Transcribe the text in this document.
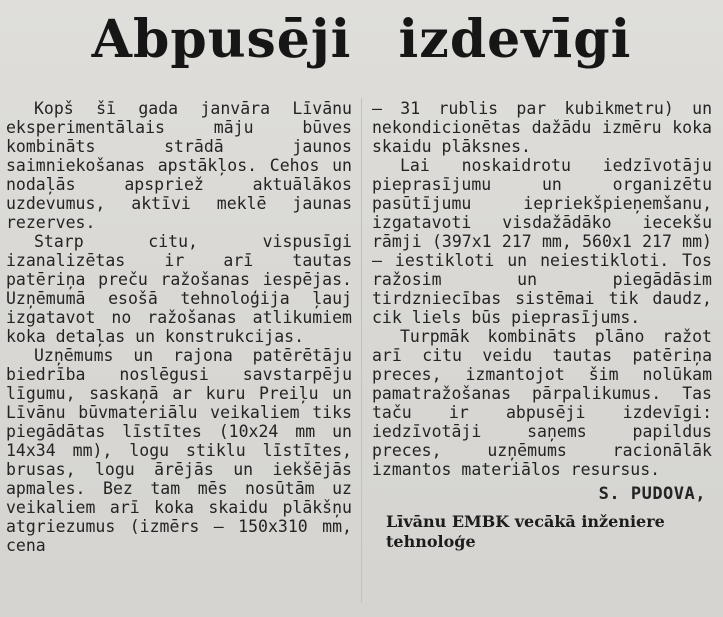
Abpusēji izdevīgi

Kopš šī gada janvāra Līvānu eksperimentālais māju būves kombināts strādā jaunos saimniekošanas apstākļos. Cehos un nodaļās apspriež aktuālākos uzdevumus, aktīvi meklē jaunas rezerves.

Starp citu, vispusīgi izanalizētas ir arī tautas patēriņa preču ražošanas iespējas. Uzņēmumā esošā tehnoloģija ļauj izgatavot no ražošanas atlikumiem koka detaļas un konstrukcijas.

Uzņēmums un rajona patērētāju biedrība noslēgusi savstarpēju līgumu, saskaņā ar kuru Preiļu un Līvānu būvmateriālu veikaliem tiks piegādātas līstītes (10x24 mm un 14x34 mm), logu stiklu līstītes, brusas, logu ārējās un iekšējās apmales. Bez tam mēs nosūtām uz veikaliem arī koka skaidu plākšņu atgriezumus (izmērs — 150x310 mm, cena

— 31 rublis par kubikmetru) un nekondicionētas dažādu izmēru koka skaidu plāksnes.

Lai noskaidrotu iedzīvotāju pieprasījumu un organizētu pasūtījumu iepriekšpieņemšanu, izgatavoti visdažādāko iecekšu rāmji (397x1 217 mm, 560x1 217 mm) — iestikloti un neiestikloti. Tos ražosim un piegādāsim tirdzniecības sistēmai tik daudz, cik liels būs pieprasījums.

Turpmāk kombināts plāno ražot arī citu veidu tautas patēriņa preces, izmantojot šim nolūkam pamatražošanas pārpalikumus. Tas taču ir abpusēji izdevīgi: iedzīvotāji saņems papildus preces, uzņēmums racionālāk izmantos materiālos resursus.

S. PUDOVA,
Līvānu EMBK vecākā inženiere tehnoloģe
